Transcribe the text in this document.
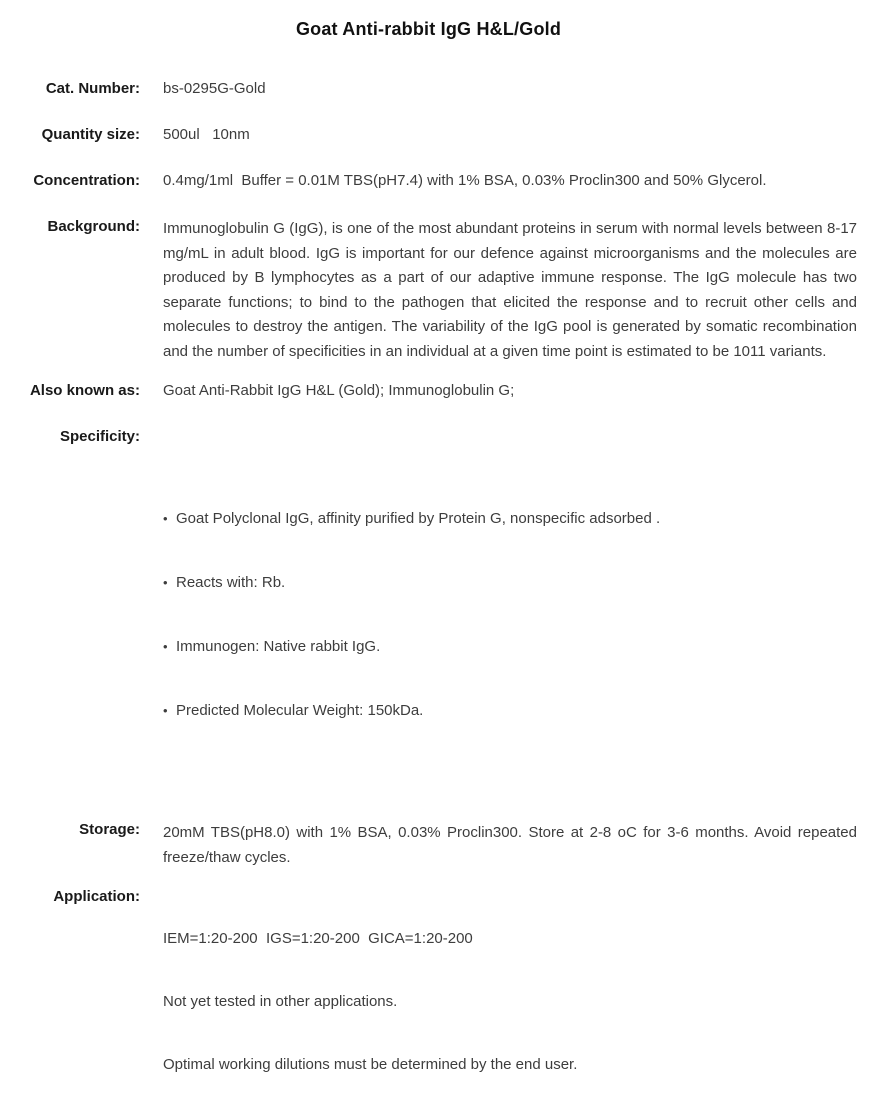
Goat Anti-rabbit IgG H&L/Gold
Cat. Number: bs-0295G-Gold
Quantity size: 500ul   10nm
Concentration: 0.4mg/1ml  Buffer = 0.01M TBS(pH7.4) with 1% BSA, 0.03% Proclin300 and 50% Glycerol.
Background: Immunoglobulin G (IgG), is one of the most abundant proteins in serum with normal levels between 8-17 mg/mL in adult blood. IgG is important for our defence against microorganisms and the molecules are produced by B lymphocytes as a part of our adaptive immune response. The IgG molecule has two separate functions; to bind to the pathogen that elicited the response and to recruit other cells and molecules to destroy the antigen. The variability of the IgG pool is generated by somatic recombination and the number of specificities in an individual at a given time point is estimated to be 1011 variants.
Also known as: Goat Anti-Rabbit IgG H&L (Gold); Immunoglobulin G;
Specificity:

•
Goat Polyclonal IgG, affinity purified by Protein G, nonspecific adsorbed .

•
Reacts with: Rb.

•
Immunogen: Native rabbit IgG.

•
Predicted Molecular Weight: 150kDa.

Storage: 20mM TBS(pH8.0) with 1% BSA, 0.03% Proclin300. Store at 2-8 oC for 3-6 months. Avoid repeated freeze/thaw cycles.
Application:

IEM=1:20-200  IGS=1:20-200  GICA=1:20-200

Not yet tested in other applications.

Optimal working dilutions must be determined by the end user.
